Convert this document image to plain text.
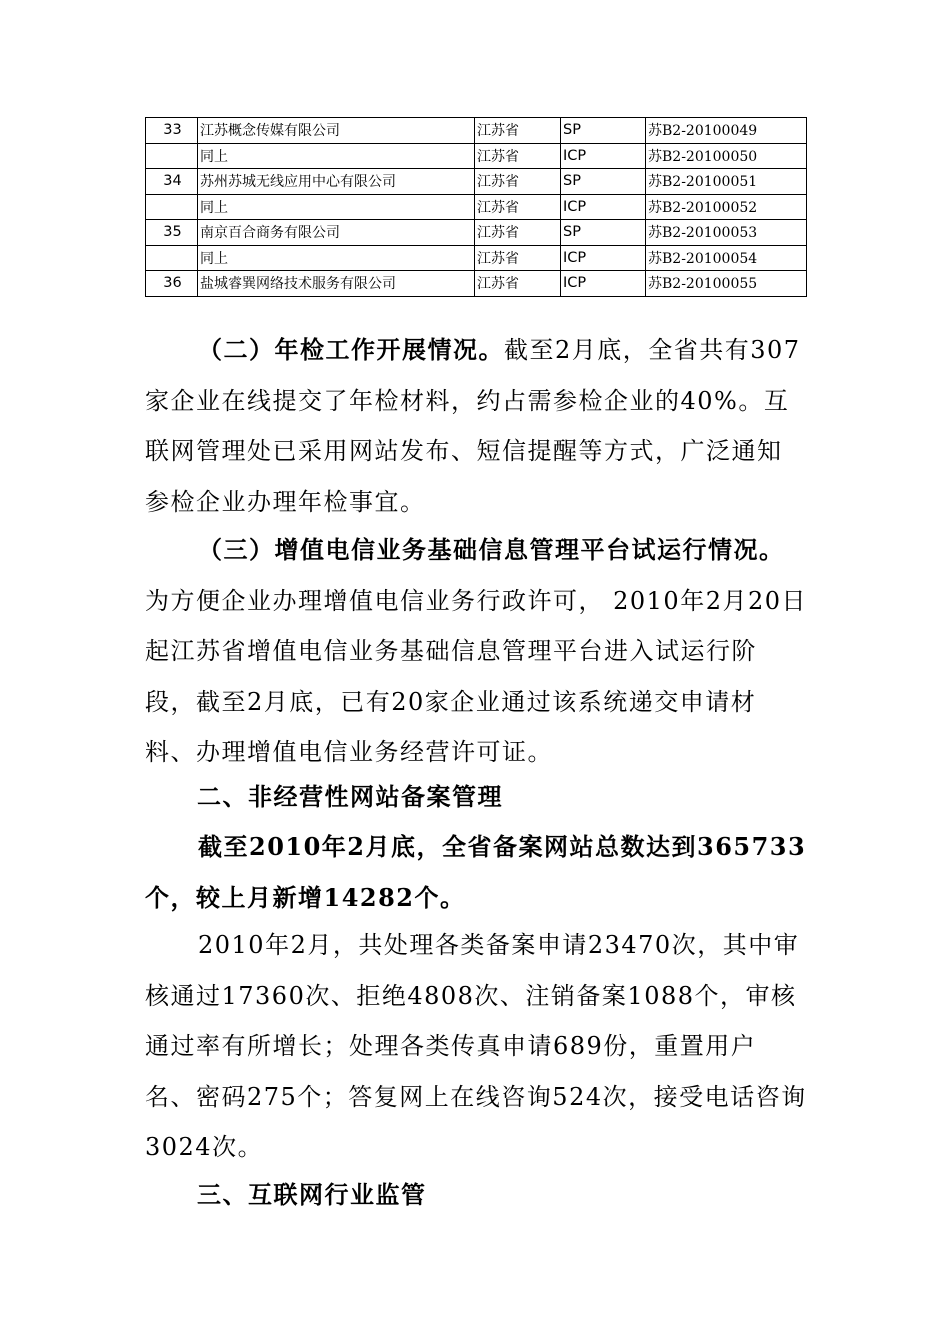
33	江苏概念传媒有限公司	江苏省	SP	苏B2-20100049
	同上	江苏省	ICP	苏B2-20100050
34	苏州苏城无线应用中心有限公司	江苏省	SP	苏B2-20100051
	同上	江苏省	ICP	苏B2-20100052
35	南京百合商务有限公司	江苏省	SP	苏B2-20100053
	同上	江苏省	ICP	苏B2-20100054
36	盐城睿巽网络技术服务有限公司	江苏省	ICP	苏B2-20100055

（二）年检工作开展情况。截至2月底，全省共有307家企业在线提交了年检材料，约占需参检企业的40%。互联网管理处已采用网站发布、短信提醒等方式，广泛通知参检企业办理年检事宜。

（三）增值电信业务基础信息管理平台试运行情况。为方便企业办理增值电信业务行政许可， 2010年2月20日起江苏省增值电信业务基础信息管理平台进入试运行阶段，截至2月底，已有20家企业通过该系统递交申请材料、办理增值电信业务经营许可证。

二、非经营性网站备案管理

截至2010年2月底，全省备案网站总数达到365733个，较上月新增14282个。

2010年2月，共处理各类备案申请23470次，其中审核通过17360次、拒绝4808次、注销备案1088个，审核通过率有所增长；处理各类传真申请689份，重置用户名、密码275个；答复网上在线咨询524次，接受电话咨询3024次。

三、互联网行业监管
